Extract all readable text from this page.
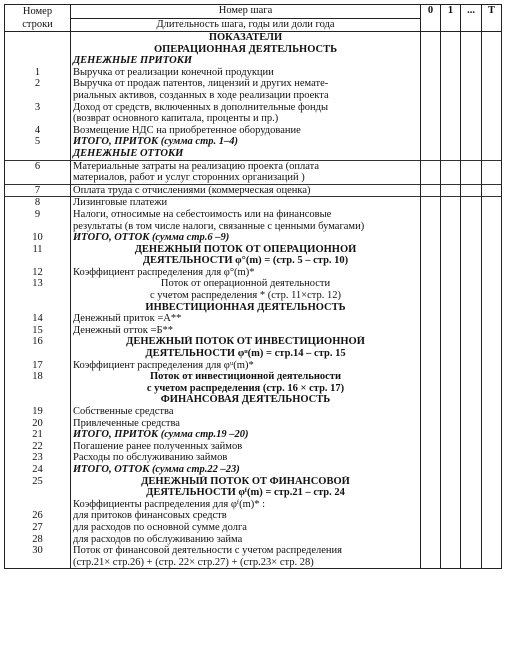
Номер строки	Номер шага	0	1	...	T
	Длительность шага, годы или доли года				
	ПОКАЗАТЕЛИ				
	ОПЕРАЦИОННАЯ ДЕЯТЕЛЬНОСТЬ				
	ДЕНЕЖНЫЕ ПРИТОКИ				
1	Выручка от реализации конечной продукции				
2	Выручка от продаж патентов, лицензий и других немате-				
	риальных активов, созданных в ходе реализации проекта				
3	Доход от средств, включенных в дополнительные фонды				
	(возврат основного капитала, проценты и пр.)				
4	Возмещение НДС на приобретенное оборудование				
5	ИТОГО, ПРИТОК (сумма стр. 1–4)				
	ДЕНЕЖНЫЕ ОТТОКИ				
6	Материальные затраты на реализацию проекта (оплата				
	материалов, работ и услуг сторонних организаций )				
7	Оплата труда с отчислениями (коммерческая оценка)				
8	Лизинговые платежи				
9	Налоги, относимые на себестоимость или на финансовые				
	результаты (в том числе налоги, связанные с ценными бумагами)				
10	ИТОГО, ОТТОК (сумма стр.6 –9)				
11	ДЕНЕЖНЫЙ ПОТОК ОТ ОПЕРАЦИОННОЙ				
	ДЕЯТЕЛЬНОСТИ φ°(m) = (стр. 5 – стр. 10)				
12	Коэффициент распределения для φ°(m)*				
13	Поток от операционной деятельности				
	с учетом распределения * (стр. 11×стр. 12)				
	ИНВЕСТИЦИОННАЯ ДЕЯТЕЛЬНОСТЬ				
14	Денежный приток =А**				
15	Денежный отток =Б**				
16	ДЕНЕЖНЫЙ ПОТОК ОТ ИНВЕСТИЦИОННОЙ				
	ДЕЯТЕЛЬНОСТИ φᵘ(m) = стр.14 – стр. 15				
17	Коэффициент распределения для φᵘ(m)*				
18	Поток от инвестиционной деятельности				
	с учетом распределения (стр. 16 × стр. 17)				
	ФИНАНСОВАЯ ДЕЯТЕЛЬНОСТЬ				
19	Собственные средства				
20	Привлеченные средства				
21	ИТОГО, ПРИТОК (сумма стр.19 –20)				
22	Погашение ранее полученных займов				
23	Расходы по обслуживанию займов				
24	ИТОГО, ОТТОК (сумма стр.22 –23)				
25	ДЕНЕЖНЫЙ ПОТОК ОТ ФИНАНСОВОЙ				
	ДЕЯТЕЛЬНОСТИ φᶠ(m) = стр.21 – стр. 24				
	Коэффициенты распределения для φᶠ(m)* :				
26	для притоков финансовых средств				
27	для расходов по основной сумме долга				
28	для расходов по обслуживанию займа				
30	Поток от финансовой деятельности с учетом распределения				
	(стр.21× стр.26) + (стр. 22× стр.27) + (стр.23× стр. 28)				
